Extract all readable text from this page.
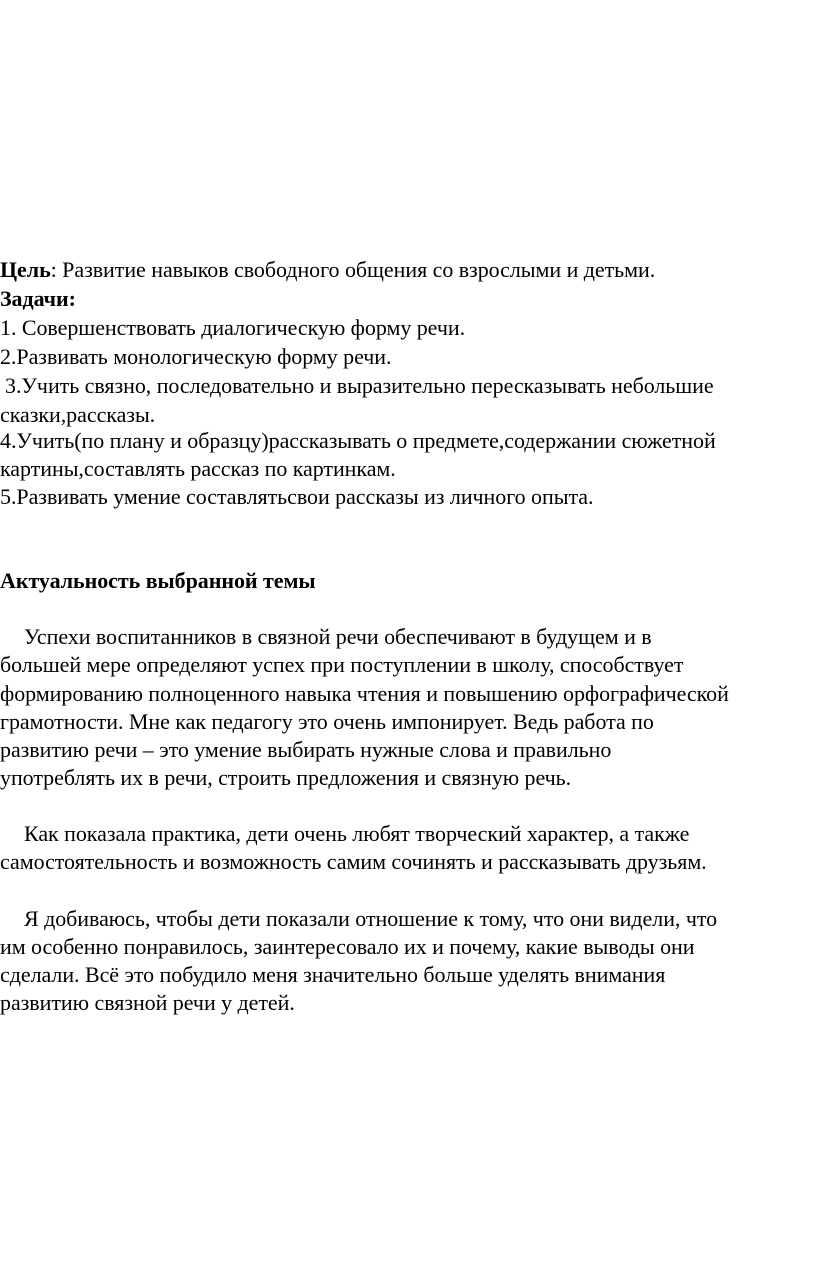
Цель: Развитие навыков свободного общения со взрослыми и детьми.
Задачи:
1. Совершенствовать диалогическую форму речи.
2.Развивать монологическую форму речи.
3.Учить связно, последовательно и выразительно пересказывать небольшие
сказки,рассказы.
4.Учить(по плану и образцу)рассказывать о предмете,содержании сюжетной
картины,составлять рассказ по картинкам.
5.Развивать умение составлятьсвои рассказы из личного опыта.
Актуальность выбранной темы
Успехи воспитанников в связной речи обеспечивают в будущем и в
большей мере определяют успех при поступлении в школу, способствует
формированию полноценного навыка чтения и повышению орфографической
грамотности. Мне как педагогу это очень импонирует. Ведь работа по
развитию речи – это умение выбирать нужные слова и правильно
употреблять их в речи, строить предложения и связную речь.
Как показала практика, дети очень любят творческий характер, а также
самостоятельность и возможность самим сочинять и рассказывать друзьям.
Я добиваюсь, чтобы дети показали отношение к тому, что они видели, что
им особенно понравилось, заинтересовало их и почему, какие выводы они
сделали. Всё это побудило меня значительно больше уделять внимания
развитию связной речи у детей.
